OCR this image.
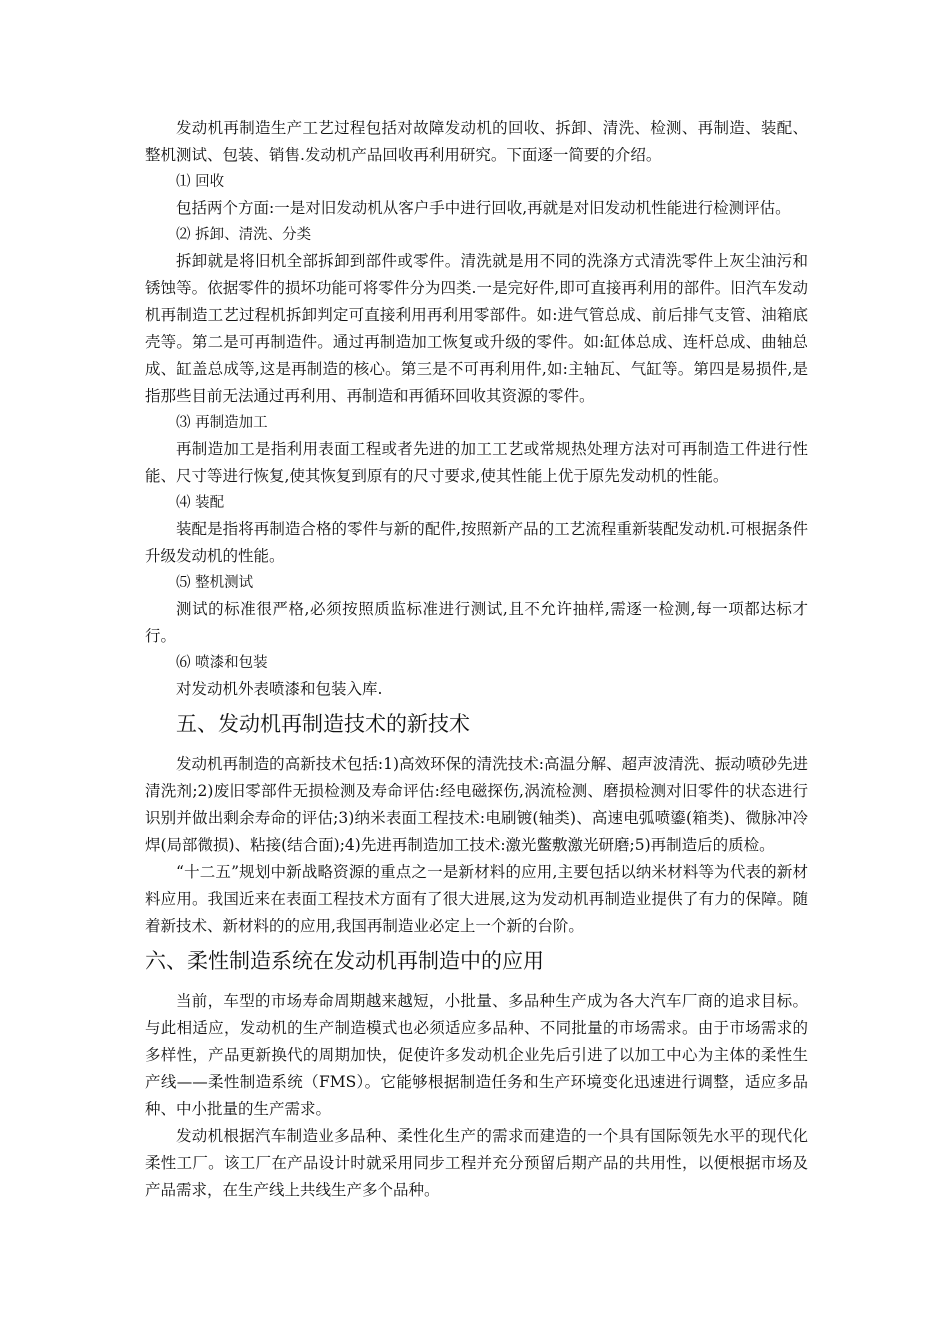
发动机再制造生产工艺过程包括对故障发动机的回收、拆卸、清洗、检测、再制造、装配、整机测试、包装、销售.发动机产品回收再利用研究。下面逐一简要的介绍。

⑴ 回收

包括两个方面:一是对旧发动机从客户手中进行回收,再就是对旧发动机性能进行检测评估。

⑵ 拆卸、清洗、分类

拆卸就是将旧机全部拆卸到部件或零件。清洗就是用不同的洗涤方式清洗零件上灰尘油污和锈蚀等。依据零件的损坏功能可将零件分为四类.一是完好件,即可直接再利用的部件。旧汽车发动机再制造工艺过程机拆卸判定可直接利用再利用零部件。如:进气管总成、前后排气支管、油箱底壳等。第二是可再制造件。通过再制造加工恢复或升级的零件。如:缸体总成、连杆总成、曲轴总成、缸盖总成等,这是再制造的核心。第三是不可再利用件,如:主轴瓦、气缸等。第四是易损件,是指那些目前无法通过再利用、再制造和再循环回收其资源的零件。

⑶ 再制造加工

再制造加工是指利用表面工程或者先进的加工工艺或常规热处理方法对可再制造工件进行性能、尺寸等进行恢复,使其恢复到原有的尺寸要求,使其性能上优于原先发动机的性能。

⑷ 装配

装配是指将再制造合格的零件与新的配件,按照新产品的工艺流程重新装配发动机.可根据条件升级发动机的性能。

⑸ 整机测试

测试的标准很严格,必须按照质监标准进行测试,且不允许抽样,需逐一检测,每一项都达标才行。

⑹ 喷漆和包装

对发动机外表喷漆和包装入库.

五、发动机再制造技术的新技术

发动机再制造的高新技术包括:1)高效环保的清洗技术:高温分解、超声波清洗、振动喷砂先进清洗剂;2)废旧零部件无损检测及寿命评估:经电磁探伤,涡流检测、磨损检测对旧零件的状态进行识别并做出剩余寿命的评估;3)纳米表面工程技术:电刷镀(轴类)、高速电弧喷鎏(箱类)、微脉冲冷焊(局部微损)、粘接(结合面);4)先进再制造加工技术:激光鳖敷激光研磨;5)再制造后的质检。

“十二五”规划中新战略资源的重点之一是新材料的应用,主要包括以纳米材料等为代表的新材料应用。我国近来在表面工程技术方面有了很大进展,这为发动机再制造业提供了有力的保障。随着新技术、新材料的的应用,我国再制造业必定上一个新的台阶。

六、柔性制造系统在发动机再制造中的应用

当前，车型的市场寿命周期越来越短，小批量、多品种生产成为各大汽车厂商的追求目标。与此相适应，发动机的生产制造模式也必须适应多品种、不同批量的市场需求。由于市场需求的多样性，产品更新换代的周期加快，促使许多发动机企业先后引进了以加工中心为主体的柔性生产线——柔性制造系统（FMS）。它能够根据制造任务和生产环境变化迅速进行调整，适应多品种、中小批量的生产需求。

发动机根据汽车制造业多品种、柔性化生产的需求而建造的一个具有国际领先水平的现代化柔性工厂。该工厂在产品设计时就采用同步工程并充分预留后期产品的共用性，以便根据市场及产品需求，在生产线上共线生产多个品种。
